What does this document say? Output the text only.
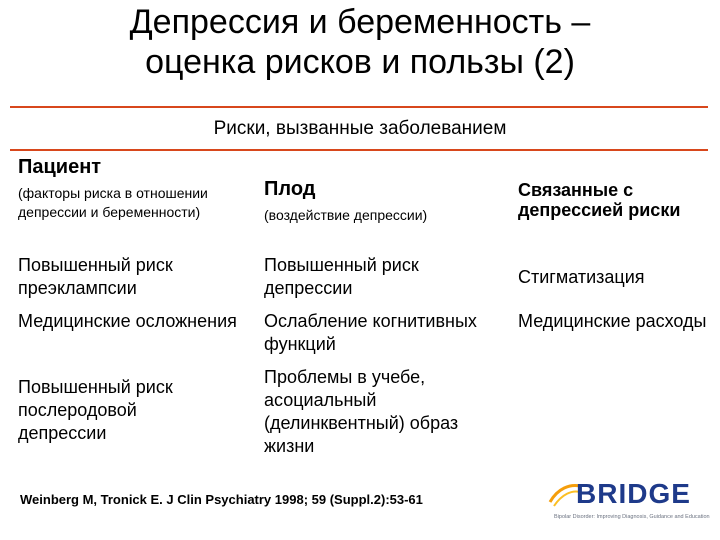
Депрессия и беременность –
оценка рисков и пользы (2)
Риски, вызванные заболеванием
Пациент
(факторы риска в отношении депрессии и беременности)
Плод
(воздействие депрессии)
Связанные с депрессией риски
Повышенный риск преэклампсии
Повышенный риск депрессии
Стигматизация
Медицинские осложнения	Ослабление когнитивных функций
Медицинские расходы
Повышенный риск послеродовой депрессии
Проблемы в учебе, асоциальный (делинквентный) образ жизни
Weinberg M, Tronick E. J Clin Psychiatry 1998; 59 (Suppl.2):53-61	BRIDGE
Bipolar Disorder: Improving Diagnosis, Guidance and Education
